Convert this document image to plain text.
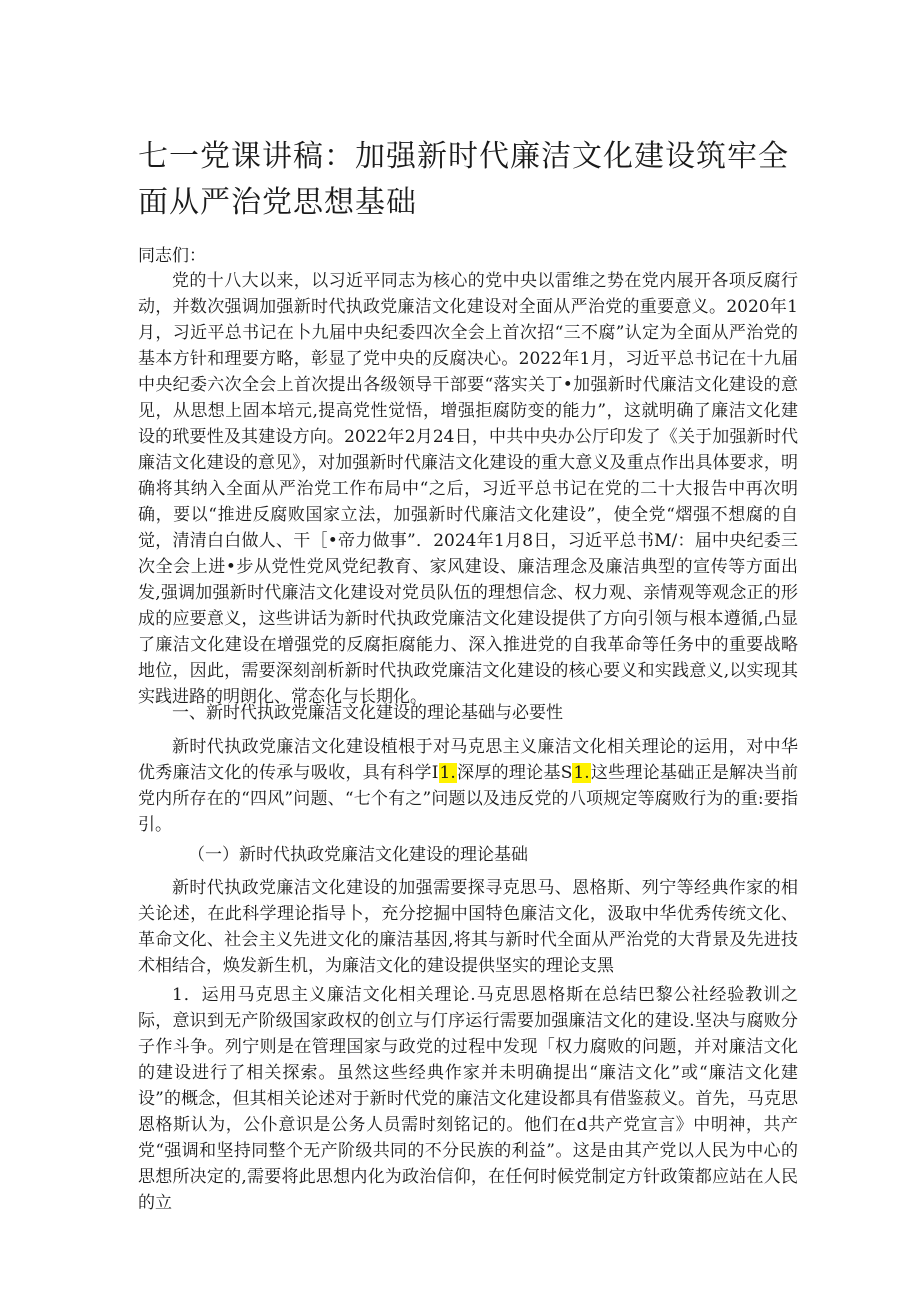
七一党课讲稿：加强新时代廉洁文化建设筑牢全面从严治党思想基础

同志们：

党的十八大以来，以习近平同志为核心的党中央以雷维之势在党内展开各项反腐行动，并数次强调加强新时代执政党廉洁文化建设对全面从严治党的重要意义。2020年1月，习近平总书记在卜九届中央纪委四次全会上首次招“三不腐”认定为全面从严治党的基本方针和理要方略，彰显了党中央的反腐决心。2022年1月，习近平总书记在十九届中央纪委六次全会上首次提出各级领导干部要“落实关丁•加强新时代廉洁文化建设的意见，从思想上固本培元,提高党性觉悟，增强拒腐防变的能力”，这就明确了廉洁文化建设的玳要性及其建设方向。2022年2月24日，中共中央办公厅印发了《关于加强新时代廉洁文化建设的意见》，对加强新时代廉洁文化建设的重大意义及重点作出具体要求，明确将其纳入全面从严治党工作布局中“之后，习近平总书记在党的二十大报告中再次明确，要以“推进反腐败国家立法，加强新时代廉洁文化建设”，使全党“熠强不想腐的自觉，清清白白做人、干［•帝力做事”．2024年1月8日，习近平总书M/：届中央纪委三次全会上进•步从党性党风党纪教育、家风建设、廉洁理念及廉洁典型的宣传等方面出发,强调加强新时代廉洁文化建设对党员队伍的理想信念、权力观、亲情观等观念正的形成的应要意义，这些讲话为新时代执政党廉洁文化建设提供了方向引领与根本遵循,凸显了廉洁文化建设在增强党的反腐拒腐能力、深入推进党的自我革命等任务中的重要战略地位，因此，需要深刻剖析新时代执政党廉洁文化建设的核心要义和实践意义,以实现其实践进路的明朗化、常态化与长期化。

一、新时代执政党廉洁文化建设的理论基础与必要性

新时代执政党廉洁文化建设植根于对马克思主义廉洁文化相关理论的运用，对中华优秀廉洁文化的传承与吸收，具有科学I1.深厚的理论基S1.这些理论基础正是解决当前党内所存在的“四风”问题、“七个有之”问题以及违反党的八项规定等腐败行为的重:要指引。

（一）新时代执政党廉洁文化建设的理论基础

新时代执政党廉洁文化建设的加强需要探寻克思马、恩格斯、列宁等经典作家的相关论述，在此科学理论指导卜，充分挖掘中国特色廉洁文化，汲取中华优秀传统文化、革命文化、社会主义先进文化的廉洁基因,将其与新时代全面从严治党的大背景及先进技术相结合，焕发新生机，为廉洁文化的建设提供坚实的理论支黑

1．运用马克思主义廉洁文化相关理论.马克思恩格斯在总结巴黎公社经验教训之际，意识到无产阶级国家政权的创立与仃序运行需要加强廉洁文化的建设.坚决与腐败分子作斗争。列宁则是在管理国家与政党的过程中发现「权力腐败的问题，并对廉洁文化的建设进行了相关探索。虽然这些经典作家并未明确提出“廉洁文化”或“廉洁文化建设”的概念，但其相关论述对于新时代党的廉洁文化建设都具有借鉴菽义。首先，马克思恩格斯认为，公仆意识是公务人员需时刻铭记的。他们在d共产党宣言》中明神，共产党“强调和坚持同整个无产阶级共同的不分民族的利益”。这是由其产党以人民为中心的思想所决定的,需要将此思想内化为政治信仰，在任何时候党制定方针政策都应站在人民的立
